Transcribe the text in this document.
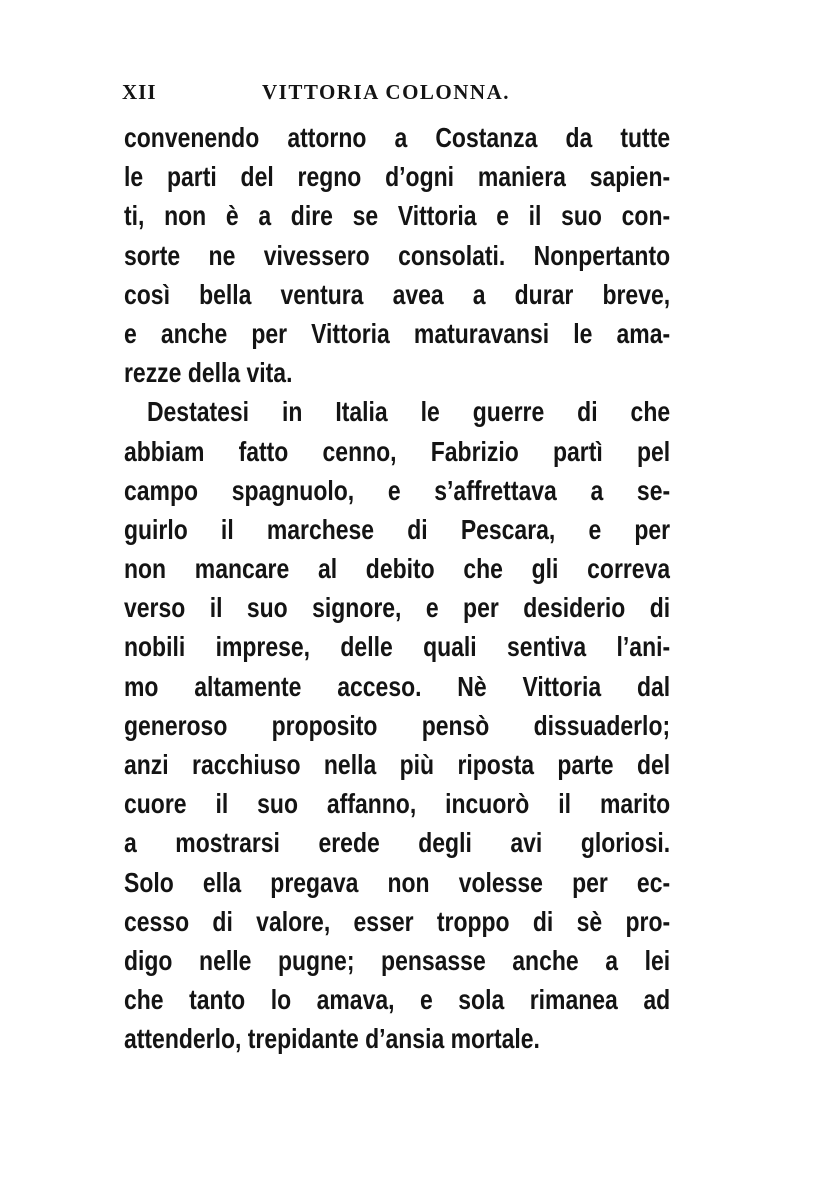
XII	VITTORIA COLONNA.
convenendo attorno a Costanza da tutte
le parti del regno d’ogni maniera sapien-
ti, non è a dire se Vittoria e il suo con-
sorte ne vivessero consolati. Nonpertanto
così bella ventura avea a durar breve,
e anche per Vittoria maturavansi le ama-
rezze della vita.
Destatesi in Italia le guerre di che
abbiam fatto cenno, Fabrizio partì pel
campo spagnuolo, e s’affrettava a se-
guirlo il marchese di Pescara, e per
non mancare al debito che gli correva
verso il suo signore, e per desiderio di
nobili imprese, delle quali sentiva l’ani-
mo altamente acceso. Nè Vittoria dal
generoso proposito pensò dissuaderlo;
anzi racchiuso nella più riposta parte del
cuore il suo affanno, incuorò il marito
a mostrarsi erede degli avi gloriosi.
Solo ella pregava non volesse per ec-
cesso di valore, esser troppo di sè pro-
digo nelle pugne; pensasse anche a lei
che tanto lo amava, e sola rimanea ad
attenderlo, trepidante d’ansia mortale.
